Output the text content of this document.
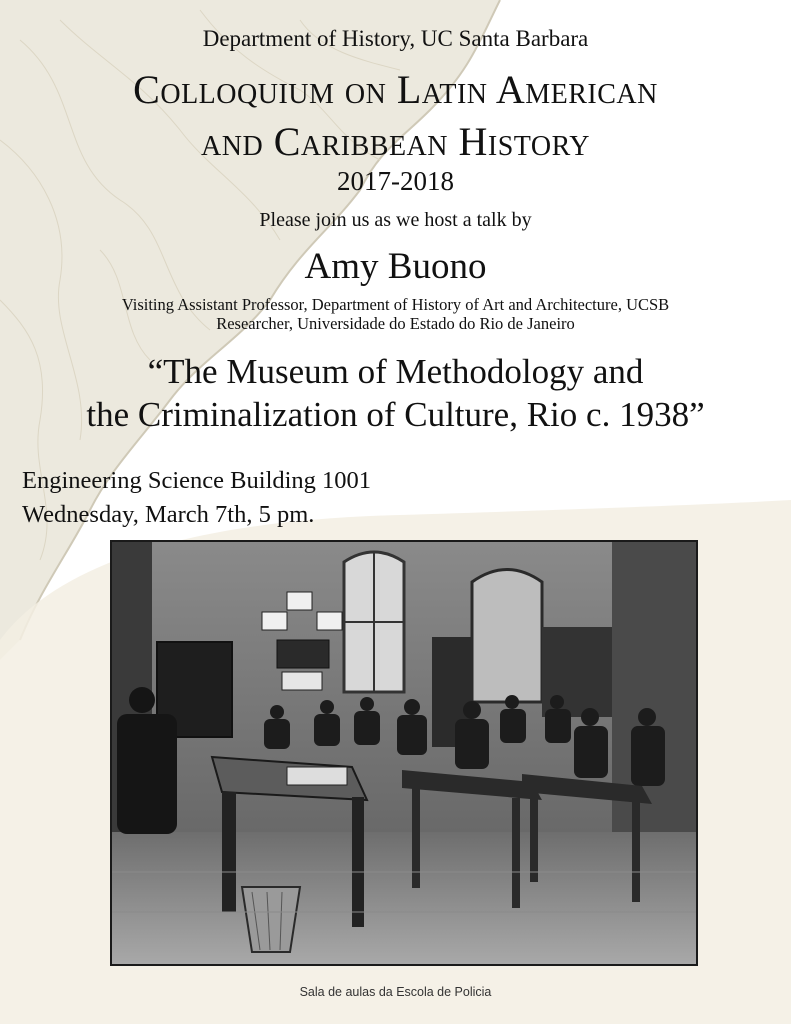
Department of History, UC Santa Barbara
Colloquium on Latin American
and Caribbean History
2017-2018
Please join us as we host a talk by
Amy Buono
Visiting Assistant Professor, Department of History of Art and Architecture, UCSB
Researcher, Universidade do Estado do Rio de Janeiro
“The Museum of Methodology and
the Criminalization of Culture, Rio c. 1938”
Engineering Science Building 1001
Wednesday, March 7th, 5 pm.
Sala de aulas da Escola de Policia
